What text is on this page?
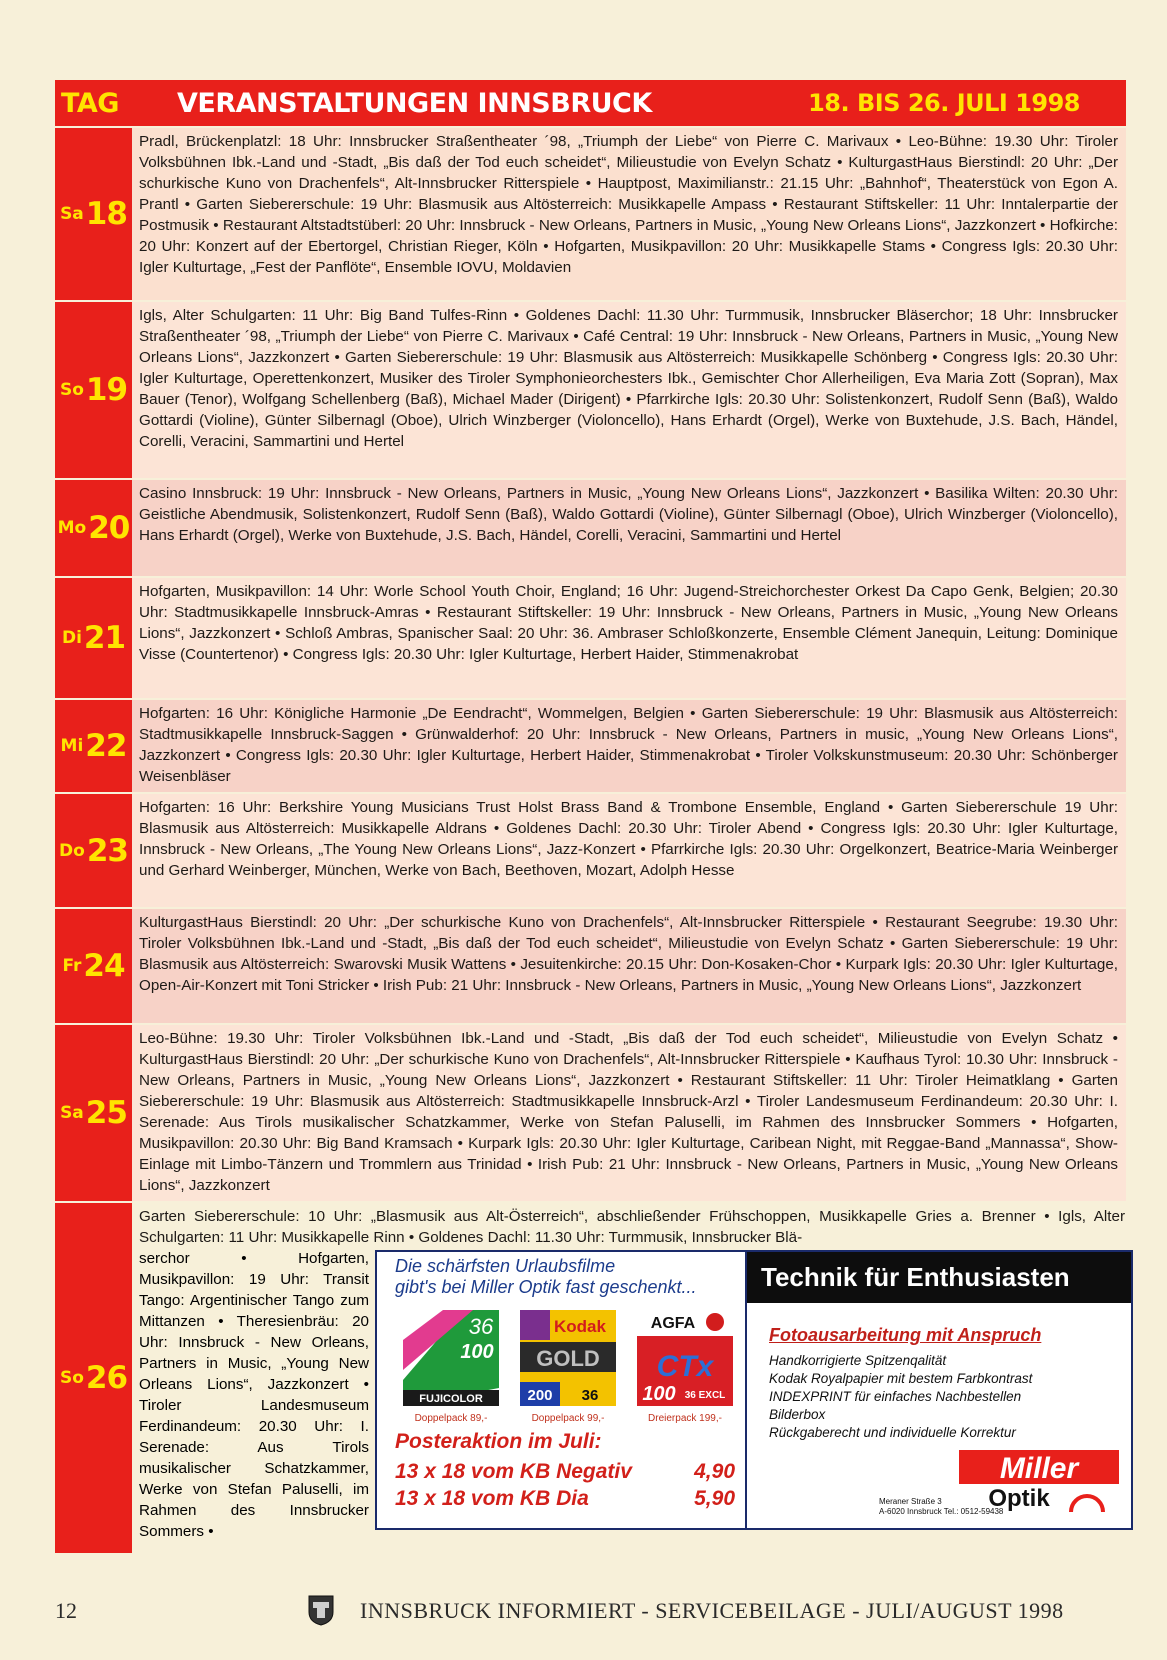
TAG	VERANSTALTUNGEN INNSBRUCK	18. BIS 26. JULI 1998
Sa 18
Pradl, Brückenplatzl: 18 Uhr: Innsbrucker Straßentheater ´98, „Triumph der Liebe“ von Pierre C. Marivaux • Leo-Bühne: 19.30 Uhr: Tiroler Volksbühnen Ibk.-Land und -Stadt, „Bis daß der Tod euch scheidet“, Milieustudie von Evelyn Schatz • KulturgastHaus Bierstindl: 20 Uhr: „Der schurkische Kuno von Drachenfels“, Alt-Innsbrucker Ritterspiele • Hauptpost, Maximilianstr.: 21.15 Uhr: „Bahnhof“, Theaterstück von Egon A. Prantl • Garten Siebererschule: 19 Uhr: Blasmusik aus Altösterreich: Musikkapelle Ampass • Restaurant Stiftskeller: 11 Uhr: Inntalerpartie der Postmusik • Restaurant Altstadtstüberl: 20 Uhr: Innsbruck - New Orleans, Partners in Music, „Young New Orleans Lions“, Jazzkonzert • Hofkirche: 20 Uhr: Konzert auf der Ebertorgel, Christian Rieger, Köln • Hofgarten, Musikpavillon: 20 Uhr: Musikkapelle Stams • Congress Igls: 20.30 Uhr: Igler Kulturtage, „Fest der Panflöte“, Ensemble IOVU, Moldavien
So 19
Igls, Alter Schulgarten: 11 Uhr: Big Band Tulfes-Rinn • Goldenes Dachl: 11.30 Uhr: Turmmusik, Innsbrucker Bläserchor; 18 Uhr: Innsbrucker Straßentheater ´98, „Triumph der Liebe“ von Pierre C. Marivaux • Café Central: 19 Uhr: Innsbruck - New Orleans, Partners in Music, „Young New Orleans Lions“, Jazzkonzert • Garten Siebererschule: 19 Uhr: Blasmusik aus Altösterreich: Musikkapelle Schönberg • Congress Igls: 20.30 Uhr: Igler Kulturtage, Operettenkonzert, Musiker des Tiroler Symphonieorchesters Ibk., Gemischter Chor Allerheiligen, Eva Maria Zott (Sopran), Max Bauer (Tenor), Wolfgang Schellenberg (Baß), Michael Mader (Dirigent) • Pfarrkirche Igls: 20.30 Uhr: Solistenkonzert, Rudolf Senn (Baß), Waldo Gottardi (Violine), Günter Silbernagl (Oboe), Ulrich Winzberger (Violoncello), Hans Erhardt (Orgel), Werke von Buxtehude, J.S. Bach, Händel, Corelli, Veracini, Sammartini und Hertel
Mo 20
Casino Innsbruck: 19 Uhr: Innsbruck - New Orleans, Partners in Music, „Young New Orleans Lions“, Jazzkonzert • Basilika Wilten: 20.30 Uhr: Geistliche Abendmusik, Solistenkonzert, Rudolf Senn (Baß), Waldo Gottardi (Violine), Günter Silbernagl (Oboe), Ulrich Winzberger (Violoncello), Hans Erhardt (Orgel), Werke von Buxtehude, J.S. Bach, Händel, Corelli, Veracini, Sammartini und Hertel
Di 21
Hofgarten, Musikpavillon: 14 Uhr: Worle School Youth Choir, England; 16 Uhr: Jugend-Streichorchester Orkest Da Capo Genk, Belgien; 20.30 Uhr: Stadtmusikkapelle Innsbruck-Amras • Restaurant Stiftskeller: 19 Uhr: Innsbruck - New Orleans, Partners in Music, „Young New Orleans Lions“, Jazzkonzert • Schloß Ambras, Spanischer Saal: 20 Uhr: 36. Ambraser Schloßkonzerte, Ensemble Clément Janequin, Leitung: Dominique Visse (Countertenor) • Congress Igls: 20.30 Uhr: Igler Kulturtage, Herbert Haider, Stimmenakrobat
Mi 22
Hofgarten: 16 Uhr: Königliche Harmonie „De Eendracht“, Wommelgen, Belgien • Garten Siebererschule: 19 Uhr: Blasmusik aus Altösterreich: Stadtmusikkapelle Innsbruck-Saggen • Grünwalderhof: 20 Uhr: Innsbruck - New Orleans, Partners in music, „Young New Orleans Lions“, Jazzkonzert • Congress Igls: 20.30 Uhr: Igler Kulturtage, Herbert Haider, Stimmenakrobat • Tiroler Volkskunstmuseum: 20.30 Uhr: Schönberger Weisenbläser
Do 23
Hofgarten: 16 Uhr: Berkshire Young Musicians Trust Holst Brass Band & Trombone Ensemble, England • Garten Siebererschule 19 Uhr: Blasmusik aus Altösterreich: Musikkapelle Aldrans • Goldenes Dachl: 20.30 Uhr: Tiroler Abend • Congress Igls: 20.30 Uhr: Igler Kulturtage, Innsbruck - New Orleans, „The Young New Orleans Lions“, Jazz-Konzert • Pfarrkirche Igls: 20.30 Uhr: Orgelkonzert, Beatrice-Maria Weinberger und Gerhard Weinberger, München, Werke von Bach, Beethoven, Mozart, Adolph Hesse
Fr 24
KulturgastHaus Bierstindl: 20 Uhr: „Der schurkische Kuno von Drachenfels“, Alt-Innsbrucker Ritterspiele • Restaurant Seegrube: 19.30 Uhr: Tiroler Volksbühnen Ibk.-Land und -Stadt, „Bis daß der Tod euch scheidet“, Milieustudie von Evelyn Schatz • Garten Siebererschule: 19 Uhr: Blasmusik aus Altösterreich: Swarovski Musik Wattens • Jesuitenkirche: 20.15 Uhr: Don-Kosaken-Chor • Kurpark Igls: 20.30 Uhr: Igler Kulturtage, Open-Air-Konzert mit Toni Stricker • Irish Pub: 21 Uhr: Innsbruck - New Orleans, Partners in Music, „Young New Orleans Lions“, Jazzkonzert
Sa 25
Leo-Bühne: 19.30 Uhr: Tiroler Volksbühnen Ibk.-Land und -Stadt, „Bis daß der Tod euch scheidet“, Milieustudie von Evelyn Schatz • KulturgastHaus Bierstindl: 20 Uhr: „Der schurkische Kuno von Drachenfels“, Alt-Innsbrucker Ritterspiele • Kaufhaus Tyrol: 10.30 Uhr: Innsbruck - New Orleans, Partners in Music, „Young New Orleans Lions“, Jazzkonzert • Restaurant Stiftskeller: 11 Uhr: Tiroler Heimatklang • Garten Siebererschule: 19 Uhr: Blasmusik aus Altösterreich: Stadtmusikkapelle Innsbruck-Arzl • Tiroler Landesmuseum Ferdinandeum: 20.30 Uhr: I. Serenade: Aus Tirols musikalischer Schatzkammer, Werke von Stefan Paluselli, im Rahmen des Innsbrucker Sommers • Hofgarten, Musikpavillon: 20.30 Uhr: Big Band Kramsach • Kurpark Igls: 20.30 Uhr: Igler Kulturtage, Caribean Night, mit Reggae-Band „Mannassa“, Show-Einlage mit Limbo-Tänzern und Trommlern aus Trinidad • Irish Pub: 21 Uhr: Innsbruck - New Orleans, Partners in Music, „Young New Orleans Lions“, Jazzkonzert
So 26
Garten Siebererschule: 10 Uhr: „Blasmusik aus Alt-Österreich“, abschließender Frühschoppen, Musikkapelle Gries a. Brenner • Igls, Alter Schulgarten: 11 Uhr: Musikkapelle Rinn • Goldenes Dachl: 11.30 Uhr: Turmmusik, Innsbrucker Blä-
serchor • Hofgarten, Musikpavillon: 19 Uhr: Transit Tango: Argentinischer Tango zum Mittanzen • Theresienbräu: 20 Uhr: Innsbruck - New Orleans, Partners in Music, „Young New Orleans Lions“, Jazzkonzert • Tiroler Landesmuseum Ferdinandeum: 20.30 Uhr: I. Serenade: Aus Tirols musikalischer Schatzkammer, Werke von Stefan Paluselli, im Rahmen des Innsbrucker Sommers •
Die schärfsten Urlaubsfilme
gibt's bei Miller Optik fast geschenkt...
36
100
FUJICOLOR
Doppelpack 89,-
Kodak
GOLD
200 36
Doppelpack 99,-
AGFA
CTx
100 36 EXCL
Dreierpack 199,-
Posteraktion im Juli:
13 x 18 vom KB Negativ	4,90
13 x 18 vom KB Dia	5,90
Technik für Enthusiasten
Fotoausarbeitung mit Anspruch
Handkorrigierte Spitzenqalität
Kodak Royalpapier mit bestem Farbkontrast
INDEXPRINT für einfaches Nachbestellen
Bilderbox
Rückgaberecht und individuelle Korrektur
Miller
Optik
Meraner Straße 3
A-6020 Innsbruck Tel.: 0512-59438
12	INNSBRUCK INFORMIERT - SERVICEBEILAGE - JULI/AUGUST 1998
